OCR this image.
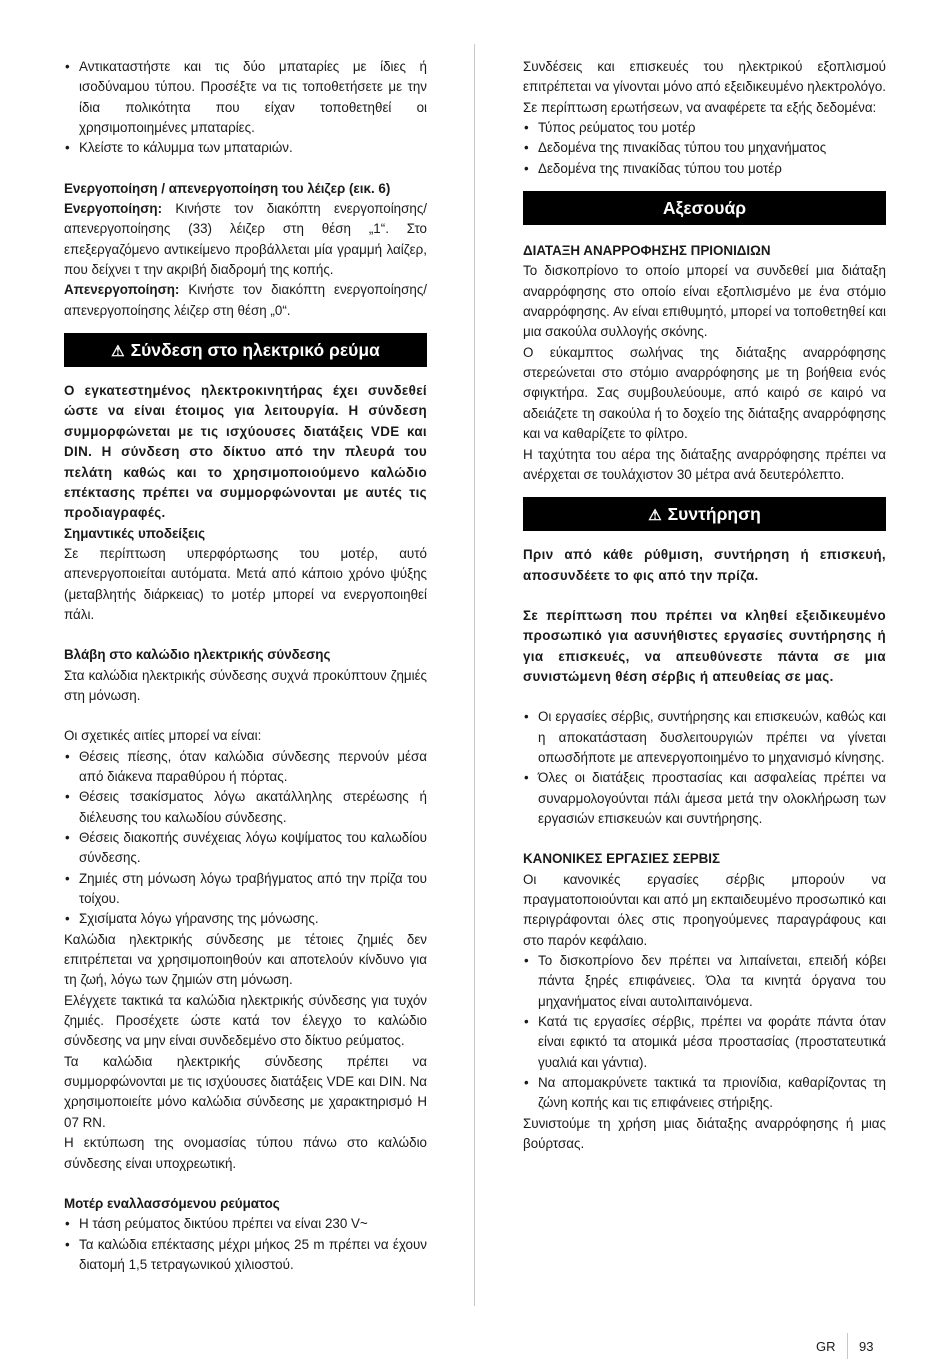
• Αντικαταστήστε και τις δύο μπαταρίες με ίδιες ή ισοδύναμου τύπου. Προσέξτε να τις τοποθετήσετε με την ίδια πολικότητα που είχαν τοποθετηθεί οι χρησιμοποιημένες μπαταρίες.
• Κλείστε το κάλυμμα των μπαταριών.

Ενεργοποίηση / απενεργοποίηση του λέιζερ (εικ. 6)

Ενεργοποίηση: Κινήστε τον διακόπτη ενεργοποίησης/απενεργοποίησης (33) λέιζερ στη θέση „1“. Στο επεξεργαζόμενο αντικείμενο προβάλλεται μία γραμμή λαίζερ, που δείχνει τ την ακριβή διαδρομή της κοπής.

Απενεργοποίηση: Κινήστε τον διακόπτη ενεργοποίησης/απενεργοποίησης λέιζερ στη θέση „0“.

⚠ Σύνδεση στο ηλεκτρικό ρεύμα

Ο εγκατεστημένος ηλεκτροκινητήρας έχει συνδεθεί ώστε να είναι έτοιμος για λειτουργία. Η σύνδεση συμμορφώνεται με τις ισχύουσες διατάξεις VDE και DIN. Η σύνδεση στο δίκτυο από την πλευρά του πελάτη καθώς και το χρησιμοποιούμενο καλώδιο επέκτασης πρέπει να συμμορφώνονται με αυτές τις προδιαγραφές.

Σημαντικές υποδείξεις

Σε περίπτωση υπερφόρτωσης του μοτέρ, αυτό απενεργοποιείται αυτόματα. Μετά από κάποιο χρόνο ψύξης (μεταβλητής διάρκειας) το μοτέρ μπορεί να ενεργοποιηθεί πάλι.

Βλάβη στο καλώδιο ηλεκτρικής σύνδεσης

Στα καλώδια ηλεκτρικής σύνδεσης συχνά προκύπτουν ζημιές στη μόνωση.

Οι σχετικές αιτίες μπορεί να είναι:

• Θέσεις πίεσης, όταν καλώδια σύνδεσης περνούν μέσα από διάκενα παραθύρου ή πόρτας.
• Θέσεις τσακίσματος λόγω ακατάλληλης στερέωσης ή διέλευσης του καλωδίου σύνδεσης.
• Θέσεις διακοπής συνέχειας λόγω κοψίματος του καλωδίου σύνδεσης.
• Ζημιές στη μόνωση λόγω τραβήγματος από την πρίζα του τοίχου.
• Σχισίματα λόγω γήρανσης της μόνωσης.

Καλώδια ηλεκτρικής σύνδεσης με τέτοιες ζημιές δεν επιτρέπεται να χρησιμοποιηθούν και αποτελούν κίνδυνο για τη ζωή, λόγω των ζημιών στη μόνωση.

Ελέγχετε τακτικά τα καλώδια ηλεκτρικής σύνδεσης για τυχόν ζημιές. Προσέχετε ώστε κατά τον έλεγχο το καλώδιο σύνδεσης να μην είναι συνδεδεμένο στο δίκτυο ρεύματος.

Τα καλώδια ηλεκτρικής σύνδεσης πρέπει να συμμορφώνονται με τις ισχύουσες διατάξεις VDE και DIN. Να χρησιμοποιείτε μόνο καλώδια σύνδεσης με χαρακτηρισμό H 07 RN.

Η εκτύπωση της ονομασίας τύπου πάνω στο καλώδιο σύνδεσης είναι υποχρεωτική.

Μοτέρ εναλλασσόμενου ρεύματος

• Η τάση ρεύματος δικτύου πρέπει να είναι 230 V~
• Τα καλώδια επέκτασης μέχρι μήκος 25 m πρέπει να έχουν διατομή 1,5 τετραγωνικού χιλιοστού.

Συνδέσεις και επισκευές του ηλεκτρικού εξοπλισμού επιτρέπεται να γίνονται μόνο από εξειδικευμένο ηλεκτρολόγο. Σε περίπτωση ερωτήσεων, να αναφέρετε τα εξής δεδομένα:

• Τύπος ρεύματος του μοτέρ
• Δεδομένα της πινακίδας τύπου του μηχανήματος
• Δεδομένα της πινακίδας τύπου του μοτέρ
Αξεσουάρ

ΔΙΑΤΑΞΗ ΑΝΑΡΡΟΦΗΣΗΣ ΠΡΙΟΝΙΔΙΩΝ

Το δισκοπρίονο το οποίο μπορεί να συνδεθεί μια διάταξη αναρρόφησης στο οποίο είναι εξοπλισμένο με ένα στόμιο αναρρόφησης. Αν είναι επιθυμητό, μπορεί να τοποθετηθεί και μια σακούλα συλλογής σκόνης.

Ο εύκαμπτος σωλήνας της διάταξης αναρρόφησης στερεώνεται στο στόμιο αναρρόφησης με τη βοήθεια ενός σφιγκτήρα. Σας συμβουλεύουμε, από καιρό σε καιρό να αδειάζετε τη σακούλα ή το δοχείο της διάταξης αναρρόφησης και να καθαρίζετε το φίλτρο.

Η ταχύτητα του αέρα της διάταξης αναρρόφησης πρέπει να ανέρχεται σε τουλάχιστον 30 μέτρα ανά δευτερόλεπτο.

⚠ Συντήρηση

Πριν από κάθε ρύθμιση, συντήρηση ή επισκευή, αποσυνδέετε το φις από την πρίζα.

Σε περίπτωση που πρέπει να κληθεί εξειδικευμένο προσωπικό για ασυνήθιστες εργασίες συντήρησης ή για επισκευές, να απευθύνεστε πάντα σε μια συνιστώμενη θέση σέρβις ή απευθείας σε μας.

• Οι εργασίες σέρβις, συντήρησης και επισκευών, καθώς και η αποκατάσταση δυσλειτουργιών πρέπει να γίνεται οπωσδήποτε με απενεργοποιημένο το μηχανισμό κίνησης.
• Όλες οι διατάξεις προστασίας και ασφαλείας πρέπει να συναρμολογούνται πάλι άμεσα μετά την ολοκλήρωση των εργασιών επισκευών και συντήρησης.

ΚΑΝΟΝΙΚΕΣ ΕΡΓΑΣΙΕΣ ΣΕΡΒΙΣ

Οι κανονικές εργασίες σέρβις μπορούν να πραγματοποιούνται και από μη εκπαιδευμένο προσωπικό και περιγράφονται όλες στις προηγούμενες παραγράφους και στο παρόν κεφάλαιο.

• Το δισκοπρίονο δεν πρέπει να λιπαίνεται, επειδή κόβει πάντα ξηρές επιφάνειες. Όλα τα κινητά όργανα του μηχανήματος είναι αυτολιπαινόμενα.
• Κατά τις εργασίες σέρβις, πρέπει να φοράτε πάντα όταν είναι εφικτό τα ατομικά μέσα προστασίας (προστατευτικά γυαλιά και γάντια).
• Να απομακρύνετε τακτικά τα πριονίδια, καθαρίζοντας τη ζώνη κοπής και τις επιφάνειες στήριξης.

Συνιστούμε τη χρήση μιας διάταξης αναρρόφησης ή μιας βούρτσας.

GR 93
